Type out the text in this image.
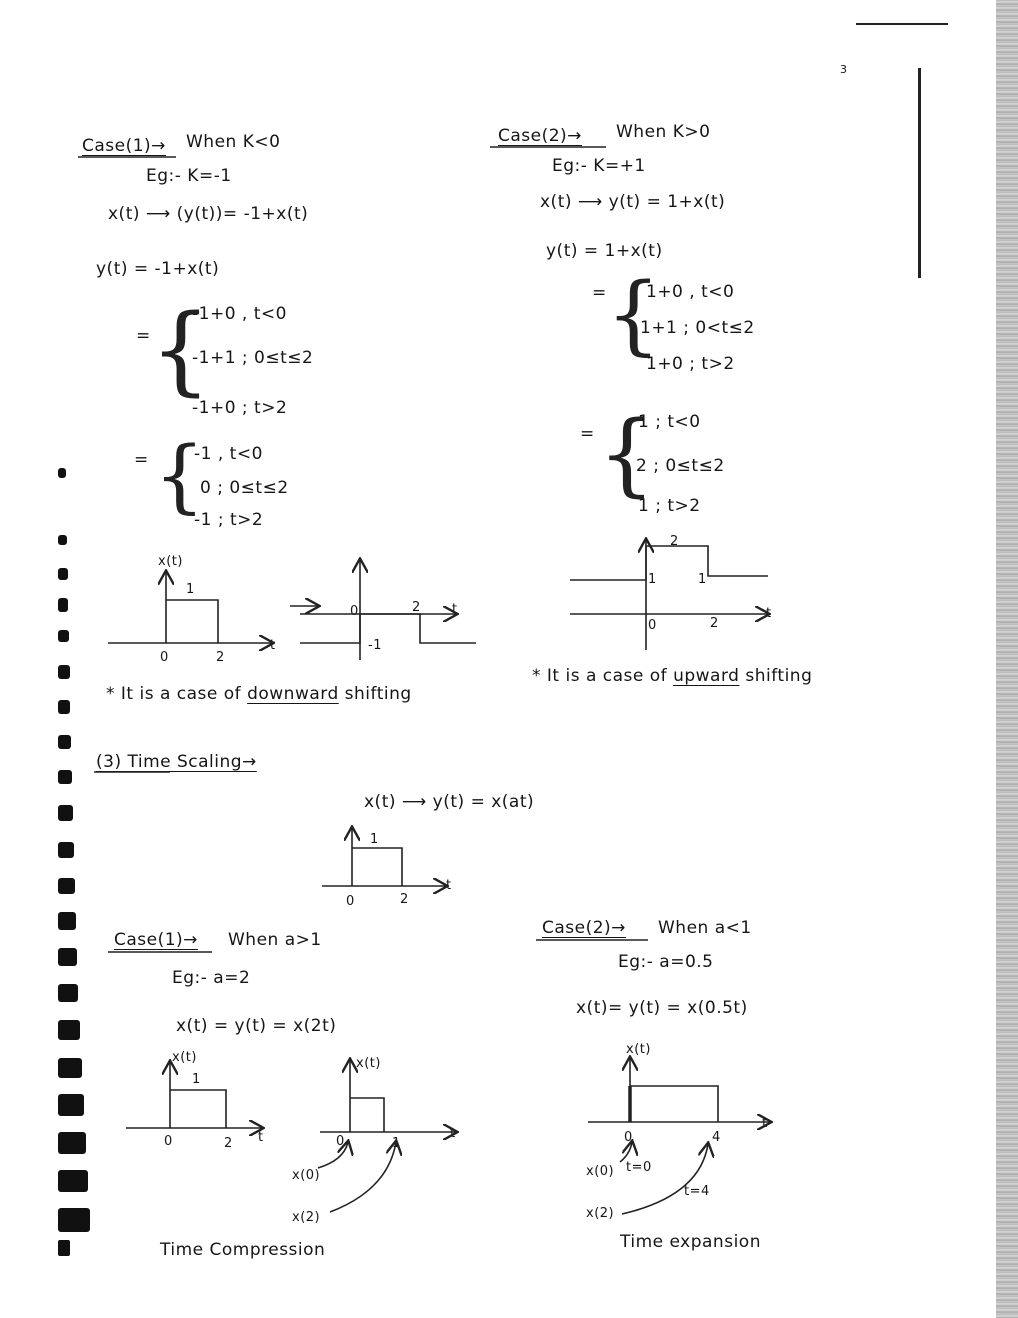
3
Case(1)→ When K<0
Eg:- K=-1
x(t) ⟶ (y(t))= -1+x(t)
y(t) = -1+x(t)
= {
-1+0 , t<0
-1+1 ; 0≤t≤2
-1+0 ; t>2
= {
-1 , t<0
0 ; 0≤t≤2
-1 ; t>2
x(t)
1
0	2
t
0	2 t
-1
* It is a case of downward shifting
Case(2)→ When K>0
Eg:- K=+1
x(t) ⟶ y(t) = 1+x(t)
y(t) = 1+x(t)
= {
1+0 , t<0
1+1 ; 0<t≤2
1+0 ; t>2
= {
1 ; t<0
2 ; 0≤t≤2
1 ; t>2
2
1	1
0	2
t
* It is a case of upward shifting
(3) Time Scaling→
x(t) ⟶ y(t) = x(at)
1
0	2
t
Case(1)→ When a>1
Eg:- a=2
x(t) = y(t) = x(2t)
x(t)
1
0	2 t
x(t)
0	1
t
x(0)
x(2)
Time Compression
Case(2)→ When a<1
Eg:- a=0.5
x(t)= y(t) = x(0.5t)
x(t)
0	4
t
x(0) t=0
x(2)
t=4
Time expansion
